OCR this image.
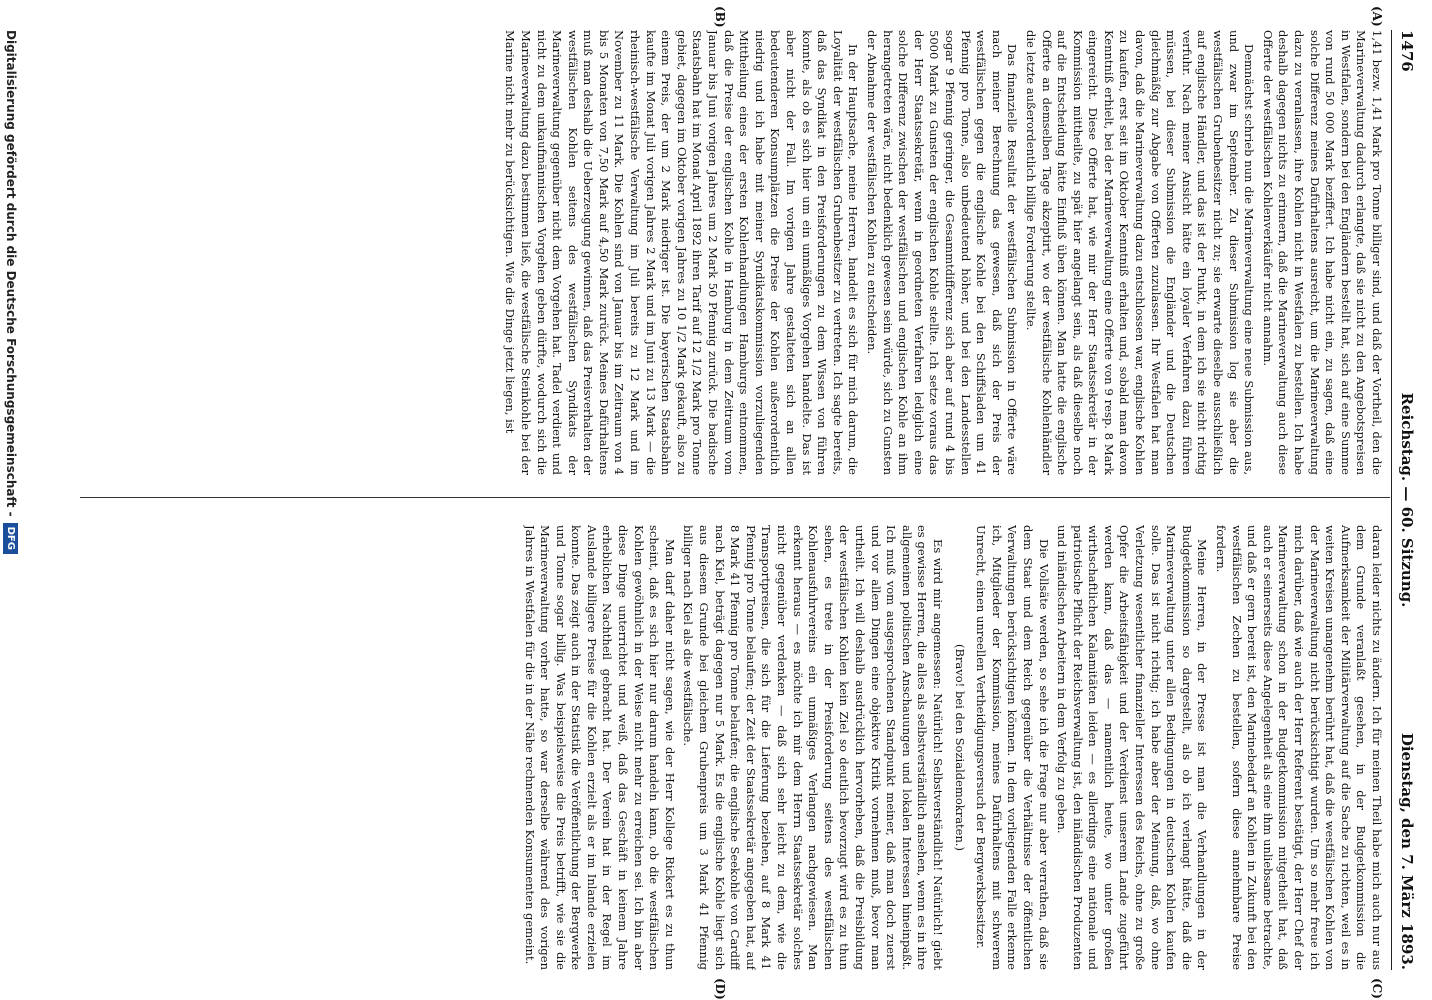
1476
Reichstag. — 60. Sitzung.
Dienstag, den 7. März 1893.
(A)
(B)
(C)
(D)

1,41 bezw. 1,41 Mark pro Tonne billiger sind, und daß der Vortheil, den die Marineverwaltung dadurch erlangte, daß sie nicht zu den Angebotspreisen in Westfalen, sondern bei den Engländern bestellt hat, sich auf eine Summe von rund 50 000 Mark beziffert. Ich habe nicht ein, zu sagen, daß eine solche Differenz meines Dafürhaltens ausreicht, um die Marineverwaltung dazu zu veranlassen, ihre Kohlen nicht in Westfalen zu bestellen. Ich habe deshalb dagegen nichts zu erinnern, daß die Marineverwaltung auch diese Offerte der westfälischen Kohlenverkäufer nicht annahm.

Demnächst schrieb nun die Marineverwaltung eine neue Submission aus, und zwar im September. Zu dieser Submission log sie aber die westfälischen Grubenbesitzer nicht zu; sie erwarte dieselbe ausschließlich auf englische Händler, und das ist der Punkt, in dem ich sie nicht richtig verfuhr. Nach meiner Ansicht hätte ein loyaler Verfahren dazu führen müssen, bei dieser Submission die Engländer und die Deutschen gleichmäßig zur Abgabe von Offerten zuzulassen. Ihr Westfalen hat man davon, daß die Marineverwaltung dazu entschlossen war, englische Kohlen zu kaufen, erst seit im Oktober Kenntniß erhalten und, sobald man davon Kenntniß erhielt, bei der Marineverwaltung eine Offerte von 9 resp. 8 Mark eingereicht. Diese Offerte hat, wie mir der Herr Staatssekretär in der Kommission mittheilte, zu spät hier angelangt sein, als daß dieselbe noch auf die Entscheidung hätte Einfluß üben können. Man hatte die englische Offerte an demselben Tage akzeptirt, wo der westfälische Kohlenhändler die letzte außerordentlich billige Forderung stellte.

Das finanzielle Resultat der westfälischen Submission in Offerte wäre nach meiner Berechnung das gewesen, daß sich der Preis der westfälischen gegen die englische Kohle bei den Schiffsladen um 41 Pfennig pro Tonne, also unbedeutend höher, und bei den Landesstellen sogar 9 Pfennig geringer, die Gesammtdifferenz sich aber auf rund 4 bis 5000 Mark zu Gunsten der englischen Kohle stellte. Ich setze voraus das der Herr Staatssekretär, wenn in geordneten Verfahren lediglich eine solche Differenz zwischen der westfälischen und englischen Kohle an ihm herangetreten wäre, nicht bedenklich gewesen sein würde, sich zu Gunsten der Abnahme der westfälischen Kohlen zu entscheiden.

In der Hauptsache, meine Herren, handelt es sich für mich darum, die Loyalität der westfälischen Grubenbesitzer zu vertreten. Ich sagte bereits, daß das Syndikat in den Preisforderungen zu dem Wissen von führen konnte, als ob es sich hier um ein unmäßiges Vorgehen handelte. Das ist aber nicht der Fall. Im vorigen Jahre gestalteten sich an allen bedeutenderen Konsumplätzen die Preise der Kohlen außerordentlich niedrig und ich habe mit meiner Syndikatskommission vorzuliegenden Mittheilung eines der ersten Kohlenhandlungen Hamburgs entnommen, daß die Preise der englischen Kohle in Hamburg in dem Zeitraum vom Januar bis Juni vorigen Jahres um 2 Mark 50 Pfennig zurück. Die badische Staatsbahn hat im Monat April 1892 ihren Tarif auf 12 1/2 Mark pro Tonne gebiet, dagegen im Oktober vorigen Jahres zu 10 1/2 Mark gekauft, also zu einem Preis, der um 2 Mark niedriger ist. Die bayerischen Staatsbahn kaufte im Monat Juli vorigen Jahres 2 Mark und im Juni zu 13 Mark — die rheinisch-westfälische Verwaltung im Juli bereits zu 12 Mark und im November zu 11 Mark. Die Kohlen sind von Januar bis im Zeitraum von 4 bis 5 Monaten von 7,50 Mark auf 4,50 Mark zurück. Meines Dafürhaltens muß man deshalb die Ueberzeugung gewinnen, daß das Preisverhalten der westfälischen Kohlen seitens des westfälischen Syndikats der Marineverwaltung gegenüber nicht dem Vorgehen hat. Tadel verdient und nicht zu dem unkaufmännischen Vorgehen geben dürfte, wodurch sich die Marineverwaltung dazu bestimmen ließ, die westfälische Steinkohle bei der Marine nicht mehr zu berücksichtigen. Wie die Dinge jetzt liegen, ist

daran leider nichts zu ändern. Ich für meinen Theil habe mich auch nur aus dem Grunde veranlaßt gesehen, in der Budgetkommission die Aufmerksamkeit der Militärverwaltung auf die Sache zu richten, weil es in weiten Kreisen unangenehm berührt hat, daß die westfälischen Kohlen von der Marineverwaltung nicht berücksichtigt wurden. Um so mehr freue ich mich darüber, daß wie auch der Herr Referent bestätigt, der Herr Chef der Marineverwaltung schon in der Budgetkommission mitgetheilt hat, daß auch er seinerseits diese Angelegenheit als eine ihm unliebsame betrachte, und daß er gern bereit ist, den Marinebedarf an Kohlen in Zukunft bei den westfälischen Zechen zu bestellen, sofern diese annehmbare Preise fordern.

Meine Herren, in der Presse ist man die Verhandlungen in der Budgetkommission so dargestellt, als ob ich verlangt hätte, daß die Marineverwaltung unter allen Bedingungen in deutschen Kohlen kaufen solle. Das ist nicht richtig; ich habe aber der Meinung, daß, wo ohne Verletzung wesentlicher finanzieller Interessen des Reichs, ohne zu große Opfer die Arbeitsfähigkeit und der Verdienst unserem Lande zugeführt werden kann, daß das — namentlich heute, wo unter großen wirthschaftlichen Kalamitäten leiden — es allerdings eine nationale und patriotische Pflicht der Reichsverwaltung ist, den inländischen Produzenten und inländischen Arbeitern in dem Verfolg zu geben.

Die Vollsäte werden, so sehe ich die Frage nur aber verrathen, daß sie dem Staat und dem Reich gegenüber die Verhältnisse der öffentlichen Verwaltungen berücksichtigen können. In dem vorliegenden Falle erkenne ich, Mitglieder der Kommission, meines Dafürhaltens mit schwerem Unrecht, einen unreellen Vertheidigungsversuch der Bergwerksbesitzer.

(Bravo! bei den Sozialdemokraten.)

Es wird mir angemessen: Natürlich! Selbstverständlich! Natürlich! giebt es gewisse Herren, die alles als selbstverständlich ansehen, wenn es in ihre allgemeinen politischen Anschauungen und lokalen Interessen hineinpaßt. Ich muß vom ausgesprochenen Standpunkt meiner, daß man doch zuerst und vor allem Dingen eine objektive Kritik vornehmen muß, bevor man urtheilt. Ich will deshalb ausdrücklich hervorheben, daß die Preisbildung der westfälischen Kohlen kein Ziel so deutlich bevorzugt wird es zu thun sehen, es trete in der Preisforderung seitens des westfälischen Kohlenausfuhrvereins ein unmäßiges Verlangen nachgewiesen. Man erkennt heraus — es möchte ich mir dem Herrn Staatssekretär solches nicht gegenüber verdenken — daß sich sehr leicht zu dem, wie die Transportpreisen, die sich für die Lieferung beziehen, auf 8 Mark 41 Pfennig pro Tonne belaufen; der Zeit der Staatssekretär angegeben hat, auf 8 Mark 41 Pfennig pro Tonne belaufen; die englische Seekohle von Cardiff nach Kiel, beträgt dagegen nur 5 Mark. Es die englische Kohle liegt sich aus diesem Grunde bei gleichem Grubenpreis um 3 Mark 41 Pfennig billiger nach Kiel als die westfälische.

Man darf daher nicht sagen, wie der Herr Kollege Rickert es zu thun scheint, daß es sich hier nur darum handeln kann, ob die westfälischen Kohlen gewöhnlich in der Weise nicht mehr zu erreichen sei. Ich bin aber diese Dinge unterrichtet und weiß, daß das Geschäft in keinem Jahre erheblichen Nachtheil gebracht hat. Der Verein hat in der Regel im Auslande billigere Preise für die Kohlen erzielt als er im Inlande erzielen konnte. Das zeigt auch in der Statistik die Veröffentlichung der Bergwerke und Tonne sogar billig. Was beispielsweise die Preis betrifft, wie sie die Marineverwaltung vorher hatte, so war derselbe während des vorigen Jahres in Westfalen für die in der Nähe rechnenden Konsumenten gemeint.

Digitalisierung gefördert durch die Deutsche Forschungsgemeinschaft -
DFG
